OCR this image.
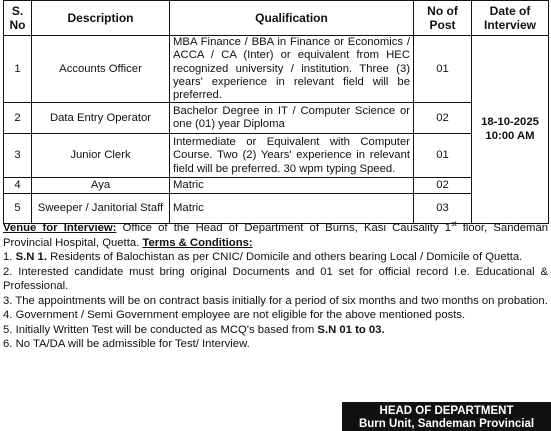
S. No	Description	Qualification	No of Post	Date of Interview
1	Accounts Officer	MBA Finance / BBA in Finance or Economics / ACCA / CA (Inter) or equivalent from HEC recognized university / institution. Three (3) years' experience in relevant field will be preferred.	01	18-10-2025
10:00 AM

2	Data Entry Operator	Bachelor Degree in IT / Computer Science or one (01) year Diploma	02	
3	Junior Clerk	Intermediate or Equivalent with Computer Course. Two (2) Years' experience in relevant field will be preferred. 30 wpm typing Speed.	01	
4	Aya	Matric	02	
5	Sweeper / Janitorial Staff	Matric	03	

Venue for Interview: Office of the Head of Department of Burns, Kasi Causality 1st floor, Sandeman Provincial Hospital, Quetta. Terms & Conditions:

1. S.N 1. Residents of Balochistan as per CNIC/ Domicile and others bearing Local / Domicile of Quetta.

2. Interested candidate must bring original Documents and 01 set for official record I.e. Educational & Professional.

3. The appointments will be on contract basis initially for a period of six months and two months on probation.

4. Government / Semi Government employee are not eligible for the above mentioned posts.

5. Initially Written Test will be conducted as MCQ's based from S.N 01 to 03.

6. No TA/DA will be admissible for Test/ Interview.

HEAD OF DEPARTMENT
Burn Unit, Sandeman Provincial
